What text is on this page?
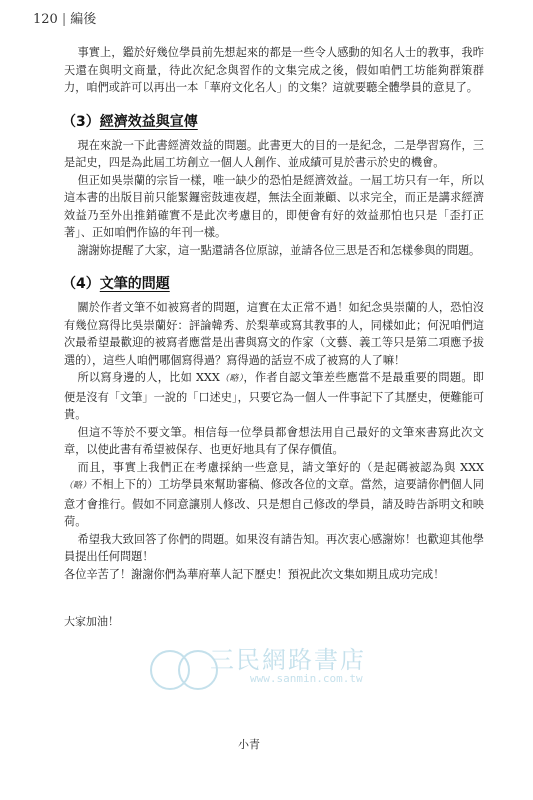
120 | 編後

事實上，鑑於好幾位學員前先想起來的都是一些令人感動的知名人士的教事，我昨天還在與明文商量，待此次紀念與習作的文集完成之後，假如咱們工坊能夠群策群力，咱們或許可以再出一本「華府文化名人」的文集？這就要聽全體學員的意見了。

（3）經濟效益與宣傳

現在來說一下此書經濟效益的問題。此書更大的目的一是紀念，二是學習寫作，三是記史，四是為此屆工坊創立一個人人創作、並成績可見於書示於史的機會。

但正如吳崇蘭的宗旨一樣，唯一缺少的恐怕是經濟效益。一屆工坊只有一年，所以這本書的出版目前只能緊鑼密鼓連夜趕，無法全面兼顧、以求完全，而正是講求經濟效益乃至外出推銷確實不是此次考慮目的，即便會有好的效益那怕也只是「歪打正著」、正如咱們作協的年刊一樣。

謝謝妳提醒了大家，這一點還請各位原諒，並請各位三思是否和怎樣參與的問題。

（4）文筆的問題

關於作者文筆不如被寫者的問題，這實在太正常不過！如紀念吳崇蘭的人，恐怕沒有幾位寫得比吳崇蘭好：評論韓秀、於梨華或寫其教事的人，同樣如此；何況咱們這次最希望最歡迎的被寫者應當是出書與寫文的作家（文藝、義工等只是第二項應予拔選的），這些人咱們哪個寫得過？寫得過的話豈不成了被寫的人了嘛！

所以寫身邊的人，比如 XXX（略），作者自認文筆差些應當不是最重要的問題。即便是沒有「文筆」一說的「口述史」，只要它為一個人一件事記下了其歷史，便難能可貴。

但這不等於不要文筆。相信每一位學員都會想法用自己最好的文筆來書寫此次文章，以使此書有希望被保存、也更好地具有了保存價值。

而且，事實上我們正在考慮採納一些意見，請文筆好的（是起碼被認為與 XXX（略）不相上下的）工坊學員來幫助審稿、修改各位的文章。當然，這要請你們個人同意才會推行。假如不同意讓別人修改、只是想自己修改的學員，請及時告訴明文和映荷。

希望我大致回答了你們的問題。如果沒有請告知。再次衷心感謝妳！也歡迎其他學員提出任何問題！

各位辛苦了！謝謝你們為華府華人記下歷史！預祝此次文集如期且成功完成！

大家加油！
三民網路書店
www.sanmin.com.tw
小青
